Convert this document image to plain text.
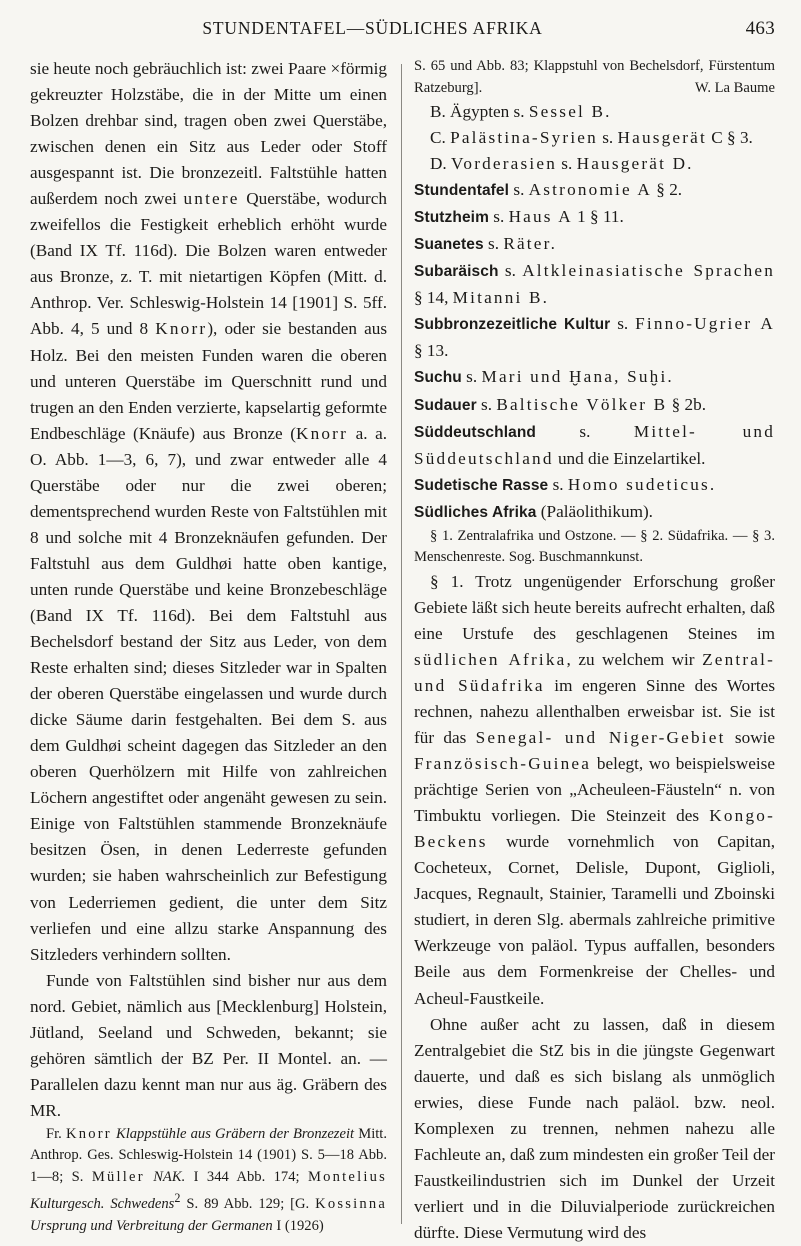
STUNDENTAFEL—SÜDLICHES AFRIKA	463

sie heute noch gebräuchlich ist: zwei Paare ×förmig gekreuzter Holzstäbe, die in der Mitte um einen Bolzen drehbar sind, tragen oben zwei Querstäbe, zwischen denen ein Sitz aus Leder oder Stoff ausgespannt ist. Die bronzezeitl. Faltstühle hatten außerdem noch zwei untere Querstäbe, wodurch zweifellos die Festigkeit erheblich erhöht wurde (Band IX Tf. 116d). Die Bolzen waren entweder aus Bronze, z. T. mit nietartigen Köpfen (Mitt. d. Anthrop. Ver. Schleswig-Holstein 14 [1901] S. 5ff. Abb. 4, 5 und 8 Knorr), oder sie bestanden aus Holz. Bei den meisten Funden waren die oberen und unteren Querstäbe im Querschnitt rund und trugen an den Enden verzierte, kapselartig geformte Endbeschläge (Knäufe) aus Bronze (Knorr a. a. O. Abb. 1—3, 6, 7), und zwar entweder alle 4 Querstäbe oder nur die zwei oberen; dementsprechend wurden Reste von Faltstühlen mit 8 und solche mit 4 Bronzeknäufen gefunden. Der Faltstuhl aus dem Guldhøi hatte oben kantige, unten runde Querstäbe und keine Bronzebeschläge (Band IX Tf. 116d). Bei dem Faltstuhl aus Bechelsdorf bestand der Sitz aus Leder, von dem Reste erhalten sind; dieses Sitzleder war in Spalten der oberen Querstäbe eingelassen und wurde durch dicke Säume darin festgehalten. Bei dem S. aus dem Guldhøi scheint dagegen das Sitzleder an den oberen Querhölzern mit Hilfe von zahlreichen Löchern angestiftet oder angenäht gewesen zu sein. Einige von Faltstühlen stammende Bronzeknäufe besitzen Ösen, in denen Lederreste gefunden wurden; sie haben wahrscheinlich zur Befestigung von Lederriemen gedient, die unter dem Sitz verliefen und eine allzu starke Anspannung des Sitzleders verhindern sollten.

Funde von Faltstühlen sind bisher nur aus dem nord. Gebiet, nämlich aus [Mecklenburg] Holstein, Jütland, Seeland und Schweden, bekannt; sie gehören sämtlich der BZ Per. II Montel. an. — Parallelen dazu kennt man nur aus äg. Gräbern des MR.

Fr. Knorr Klappstühle aus Gräbern der Bronzezeit Mitt. Anthrop. Ges. Schleswig-Holstein 14 (1901) S. 5—18 Abb. 1—8; S. Müller NAK. I 344 Abb. 174; Montelius Kulturgesch. Schwedens$^2$ S. 89 Abb. 129; [G. Kossinna Ursprung und Verbreitung der Germanen I (1926)

S. 65 und Abb. 83; Klappstuhl von Bechelsdorf, Fürstentum Ratzeburg].	W. La Baume

B. Ägypten s. Sessel B.

C. Palästina-Syrien s. Hausgerät C § 3.

D. Vorderasien s. Hausgerät D.

Stundentafel s. Astronomie A § 2.

Stutzheim s. Haus A 1 § 11.

Suanetes s. Räter.

Subaräisch s. Altkleinasiatische Sprachen § 14, Mitanni B.

Subbronzezeitliche Kultur s. Finno-Ugrier A § 13.

Suchu s. Mari und Ḫana, Suḫi.

Sudauer s. Baltische Völker B § 2b.

Süddeutschland	s.	Mittel- und Süddeutschland und die Einzelartikel.

Sudetische Rasse s. Homo sudeticus.

Südliches Afrika (Paläolithikum).

§ 1. Zentralafrika und Ostzone. — § 2. Südafrika. — § 3. Menschenreste. Sog. Buschmannkunst.

§ 1. Trotz ungenügender Erforschung großer Gebiete läßt sich heute bereits aufrecht erhalten, daß eine Urstufe des geschlagenen Steines im südlichen Afrika, zu welchem wir Zentral- und Südafrika im engeren Sinne des Wortes rechnen, nahezu allenthalben erweisbar ist. Sie ist für das Senegal- und Niger-Gebiet sowie Französisch-Guinea belegt, wo beispielsweise prächtige Serien von „Acheuleen-Fäusteln“ n. von Timbuktu vorliegen. Die Steinzeit des Kongo-Beckens wurde vornehmlich von Capitan, Cocheteux, Cornet, Delisle, Dupont, Giglioli, Jacques, Regnault, Stainier, Taramelli und Zboinski studiert, in deren Slg. abermals zahlreiche primitive Werkzeuge von paläol. Typus auffallen, besonders Beile aus dem Formenkreise der Chelles- und Acheul-Faustkeile.

Ohne außer acht zu lassen, daß in diesem Zentralgebiet die StZ bis in die jüngste Gegenwart dauerte, und daß es sich bislang als unmöglich erwies, diese Funde nach paläol. bzw. neol. Komplexen zu trennen, nehmen nahezu alle Fachleute an, daß zum mindesten ein großer Teil der Faustkeilindustrien sich im Dunkel der Urzeit verliert und in die Diluvialperiode zurückreichen dürfte. Diese Vermutung wird des
